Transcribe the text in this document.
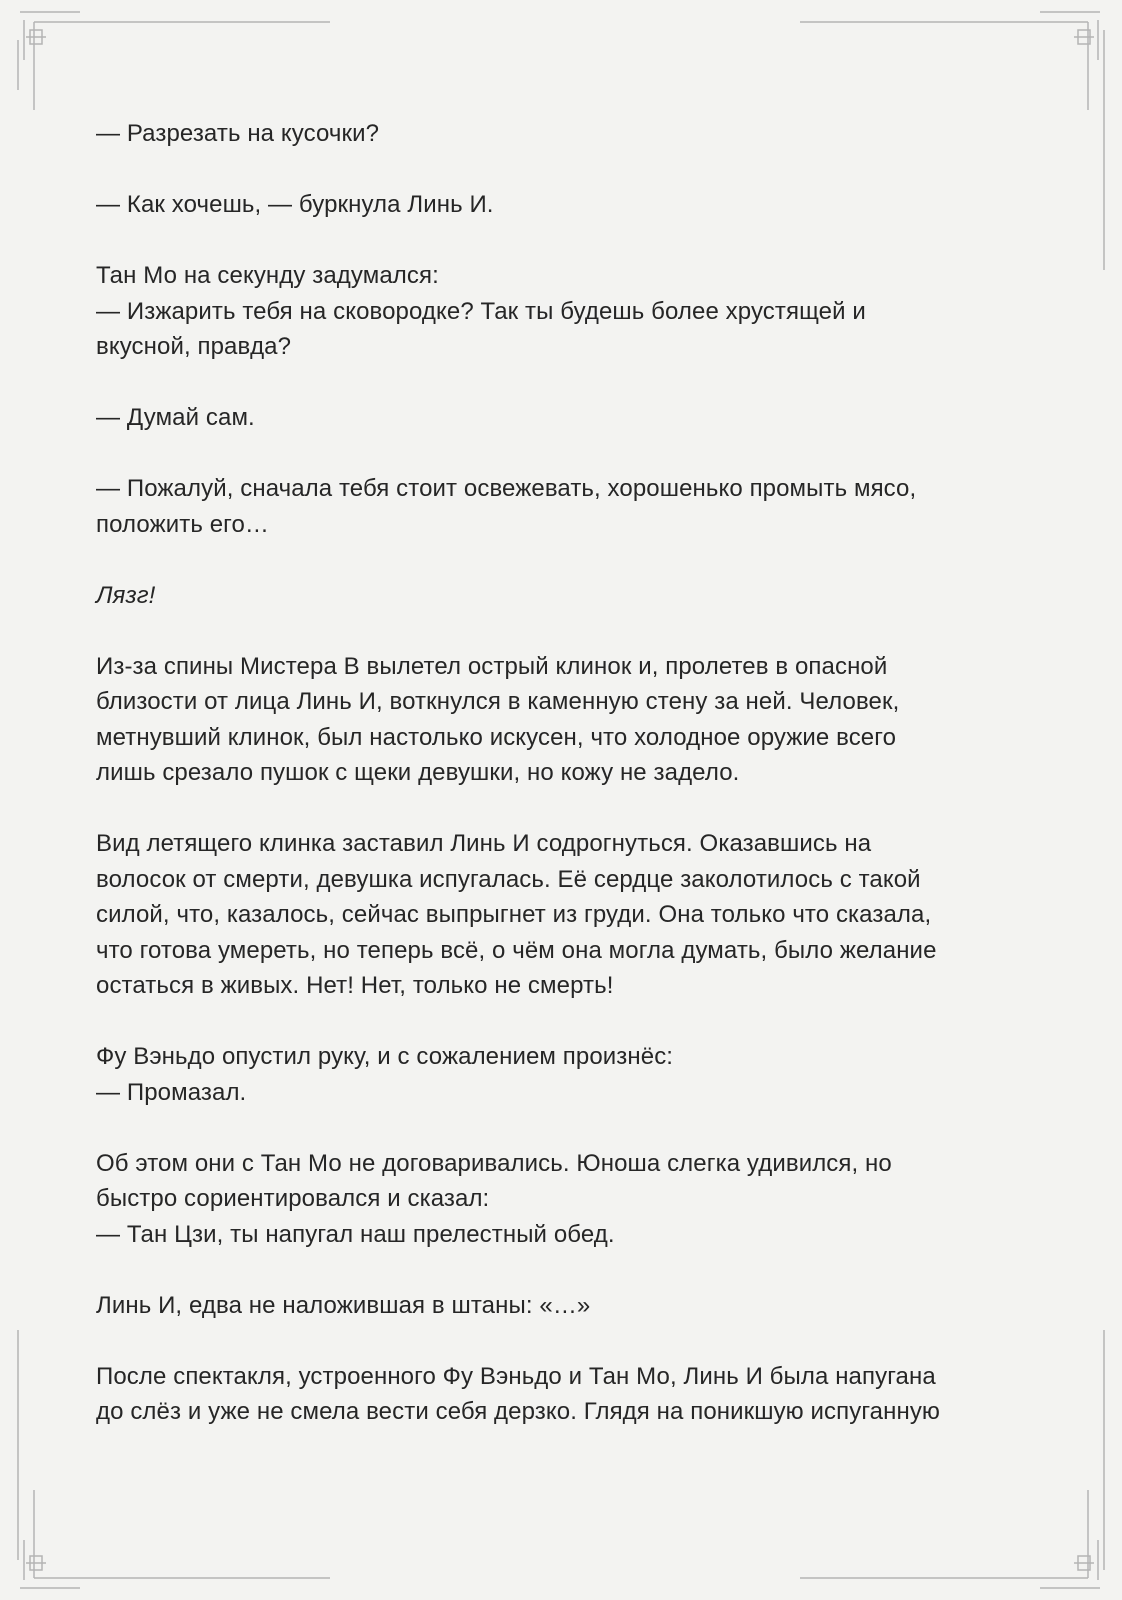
— Разрезать на кусочки?

— Как хочешь, — буркнула Линь И.

Тан Мо на секунду задумался:
— Изжарить тебя на сковородке? Так ты будешь более хрустящей и
вкусной, правда?

— Думай сам.

— Пожалуй, сначала тебя стоит освежевать, хорошенько промыть мясо,
положить его…

Лязг!

Из-за спины Мистера В вылетел острый клинок и, пролетев в опасной
близости от лица Линь И, воткнулся в каменную стену за ней. Человек,
метнувший клинок, был настолько искусен, что холодное оружие всего
лишь срезало пушок с щеки девушки, но кожу не задело.

Вид летящего клинка заставил Линь И содрогнуться. Оказавшись на
волосок от смерти, девушка испугалась. Её сердце заколотилось с такой
силой, что, казалось, сейчас выпрыгнет из груди. Она только что сказала,
что готова умереть, но теперь всё, о чём она могла думать, было желание
остаться в живых. Нет! Нет, только не смерть!

Фу Вэньдо опустил руку, и с сожалением произнёс:
— Промазал.

Об этом они с Тан Мо не договаривались. Юноша слегка удивился, но
быстро сориентировался и сказал:
— Тан Цзи, ты напугал наш прелестный обед.

Линь И, едва не наложившая в штаны: «…»

После спектакля, устроенного Фу Вэньдо и Тан Мо, Линь И была напугана
до слёз и уже не смела вести себя дерзко. Глядя на поникшую испуганную
